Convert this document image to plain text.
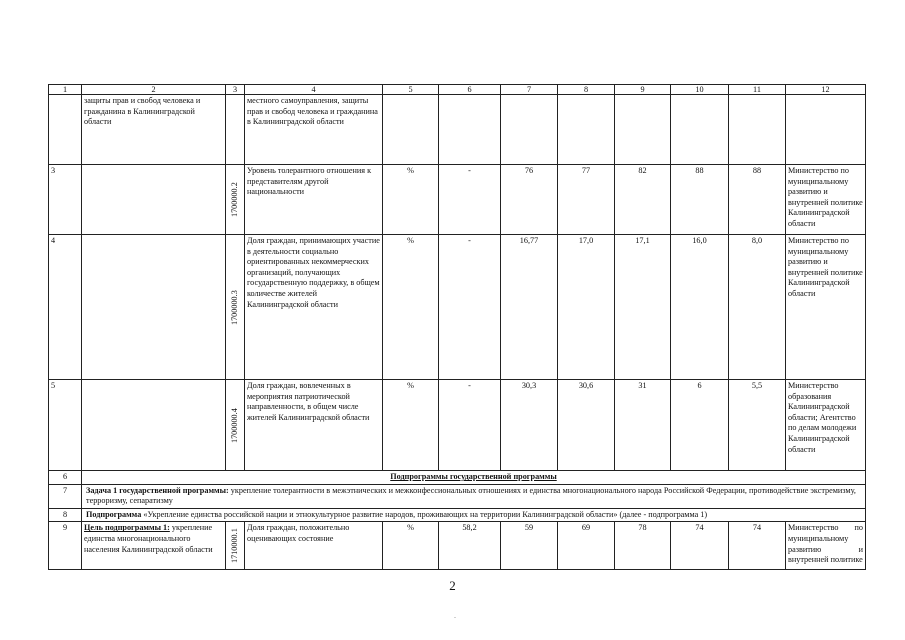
1	2	3	4	5	6	7	8	9	10	11	12
	защиты прав и свобод человека и гражданина в Калининградской области		местного самоуправления, защиты прав и свобод человека и гражданина в Калининградской области								
3		1700000.2	Уровень толерантного отношения к представителям другой национальности	%	-	76	77	82	88	88	Министерство по муниципальному развитию и внутренней политике Калининградской области
4		1700000.3	Доля граждан, принимающих участие в деятельности социально ориентированных некоммерческих организаций, получающих государственную поддержку, в общем количестве жителей Калининградской области	%	-	16,77	17,0	17,1	16,0	8,0	Министерство по муниципальному развитию и внутренней политике Калининградской области
5		1700000.4	Доля граждан, вовлеченных в мероприятия патриотической направленности, в общем числе жителей Калининградской области	%	-	30,3	30,6	31	6	5,5	Министерство образования Калининградской области; Агентство по делам молодежи Калининградской области
6	Подпрограммы государственной программы										
7	Задача 1 государственной программы: укрепление толерантности в межэтнических и межконфессиональных отношениях и единства многонационального народа Российской Федерации, противодействие экстремизму, терроризму, сепаратизму										
8	Подпрограмма «Укрепление единства российской нации и этнокультурное развитие народов, проживающих на территории Калининградской области» (далее - подпрограмма 1)										
9	Цель подпрограммы 1: укрепление единства многонационального населения Калининградской области	1710000.1	Доля граждан, положительно оценивающих состояние	%	58,2	59	69	78	74	74	Министерство по муниципальному развитию и внутренней политике
2
.
